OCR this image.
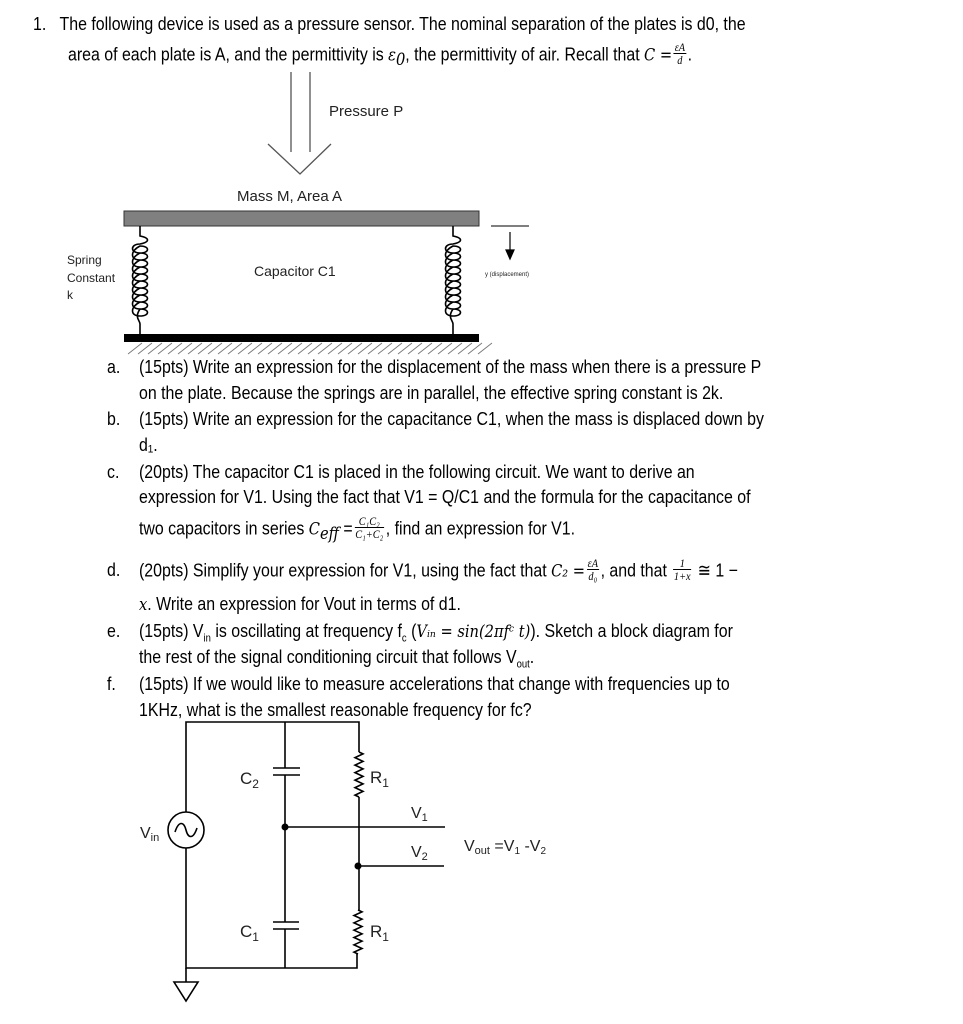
1. The following device is used as a pressure sensor. The nominal separation of the plates is d0, the
area of each plate is A, and the permittivity is $\varepsilon_0$, the permittivity of air. Recall that $C = \frac{\varepsilon A}{d}$ .
Pressure P
Mass M, Area A
Capacitor C1
Spring
Constant
k
y (displacement)
$C_2$
$C_1$
$R_1$
$R_1$
Vin
V1
V2
Vout =V1 -V2
a. (15pts) Write an expression for the displacement of the mass when there is a pressure P
on the plate. Because the springs are in parallel, the effective spring constant is 2k.
b. (15pts) Write an expression for the capacitance C1, when the mass is displaced down by
d₁.
c. (20pts) The capacitor C1 is placed in the following circuit. We want to derive an
expression for V1. Using the fact that V1 = Q/C1 and the formula for the capacitance of
two capacitors in series $C_{eff} = \frac{\text{C₁C₂}}{\text{C₁+C₂}}$ , find an expression for V1.
d. (20pts) Simplify your expression for V1, using the fact that $C_2 = \frac{\varepsilon A}{\text{d₀}}$ , and that $\frac{1}{1+x}$ ≅ 1 −
x. Write an expression for Vout in terms of d1.
e. (15pts) $V_{in}$ is oscillating at frequency $f_c$ (Vᵢₙ = sin(2πfᶜ t)). Sketch a block diagram for
the rest of the signal conditioning circuit that follows $V_{out}$.
f. (15pts) If we would like to measure accelerations that change with frequencies up to
1KHz, what is the smallest reasonable frequency for fc?
